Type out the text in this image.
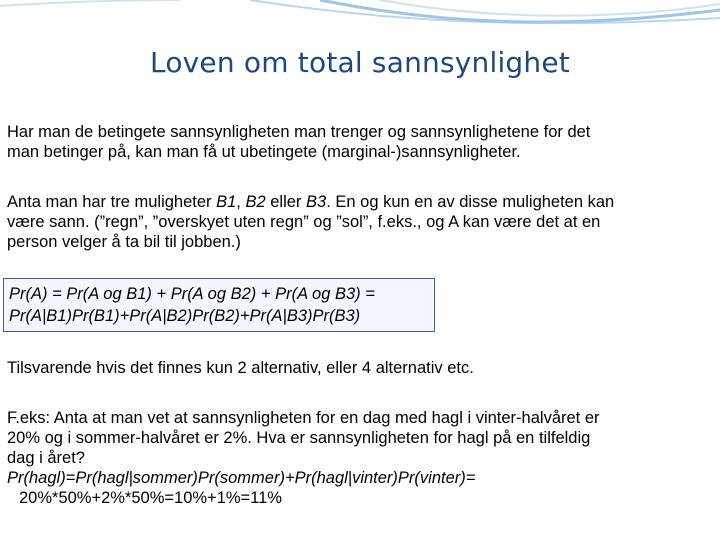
Loven om total sannsynlighet

Har man de betingete sannsynligheten man trenger og sannsynlighetene for det
man betinger på, kan man få ut ubetingete (marginal-)sannsynligheter.

Anta man har tre muligheter B1, B2 eller B3. En og kun en av disse muligheten kan
være sann. (”regn”, ”overskyet uten regn” og ”sol”, f.eks., og A kan være det at en
person velger å ta bil til jobben.)

Pr(A) = Pr(A og B1) + Pr(A og B2) + Pr(A og B3) =
Pr(A|B1)Pr(B1)+Pr(A|B2)Pr(B2)+Pr(A|B3)Pr(B3)

Tilsvarende hvis det finnes kun 2 alternativ, eller 4 alternativ etc.

F.eks: Anta at man vet at sannsynligheten for en dag med hagl i vinter-halvåret er
20% og i sommer-halvåret er 2%. Hva er sannsynligheten for hagl på en tilfeldig
dag i året?
Pr(hagl)=Pr(hagl|sommer)Pr(sommer)+Pr(hagl|vinter)Pr(vinter)=
20%*50%+2%*50%=10%+1%=11%
